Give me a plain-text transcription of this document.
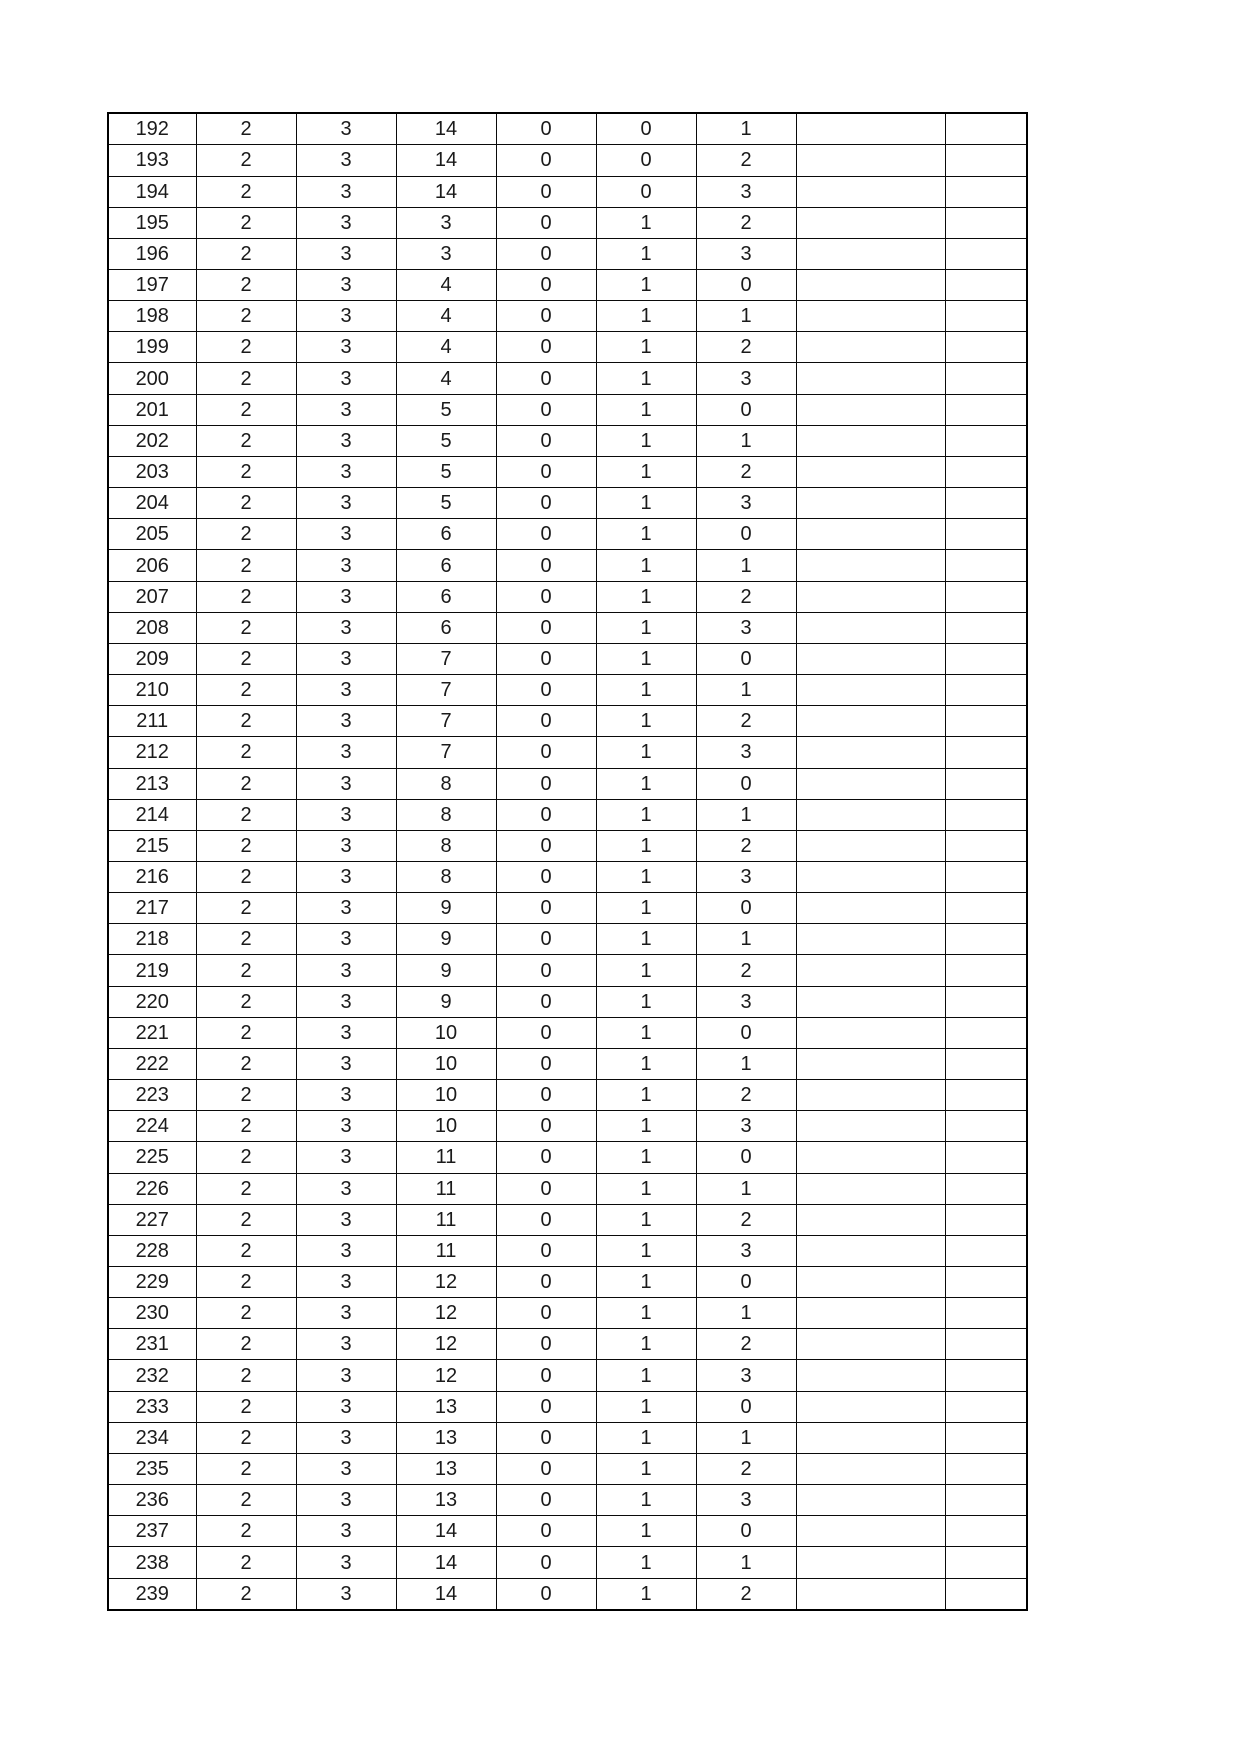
192	2	3	14	0	0	1		
193	2	3	14	0	0	2		
194	2	3	14	0	0	3		
195	2	3	3	0	1	2		
196	2	3	3	0	1	3		
197	2	3	4	0	1	0		
198	2	3	4	0	1	1		
199	2	3	4	0	1	2		
200	2	3	4	0	1	3		
201	2	3	5	0	1	0		
202	2	3	5	0	1	1		
203	2	3	5	0	1	2		
204	2	3	5	0	1	3		
205	2	3	6	0	1	0		
206	2	3	6	0	1	1		
207	2	3	6	0	1	2		
208	2	3	6	0	1	3		
209	2	3	7	0	1	0		
210	2	3	7	0	1	1		
211	2	3	7	0	1	2		
212	2	3	7	0	1	3		
213	2	3	8	0	1	0		
214	2	3	8	0	1	1		
215	2	3	8	0	1	2		
216	2	3	8	0	1	3		
217	2	3	9	0	1	0		
218	2	3	9	0	1	1		
219	2	3	9	0	1	2		
220	2	3	9	0	1	3		
221	2	3	10	0	1	0		
222	2	3	10	0	1	1		
223	2	3	10	0	1	2		
224	2	3	10	0	1	3		
225	2	3	11	0	1	0		
226	2	3	11	0	1	1		
227	2	3	11	0	1	2		
228	2	3	11	0	1	3		
229	2	3	12	0	1	0		
230	2	3	12	0	1	1		
231	2	3	12	0	1	2		
232	2	3	12	0	1	3		
233	2	3	13	0	1	0		
234	2	3	13	0	1	1		
235	2	3	13	0	1	2		
236	2	3	13	0	1	3		
237	2	3	14	0	1	0		
238	2	3	14	0	1	1		
239	2	3	14	0	1	2		
